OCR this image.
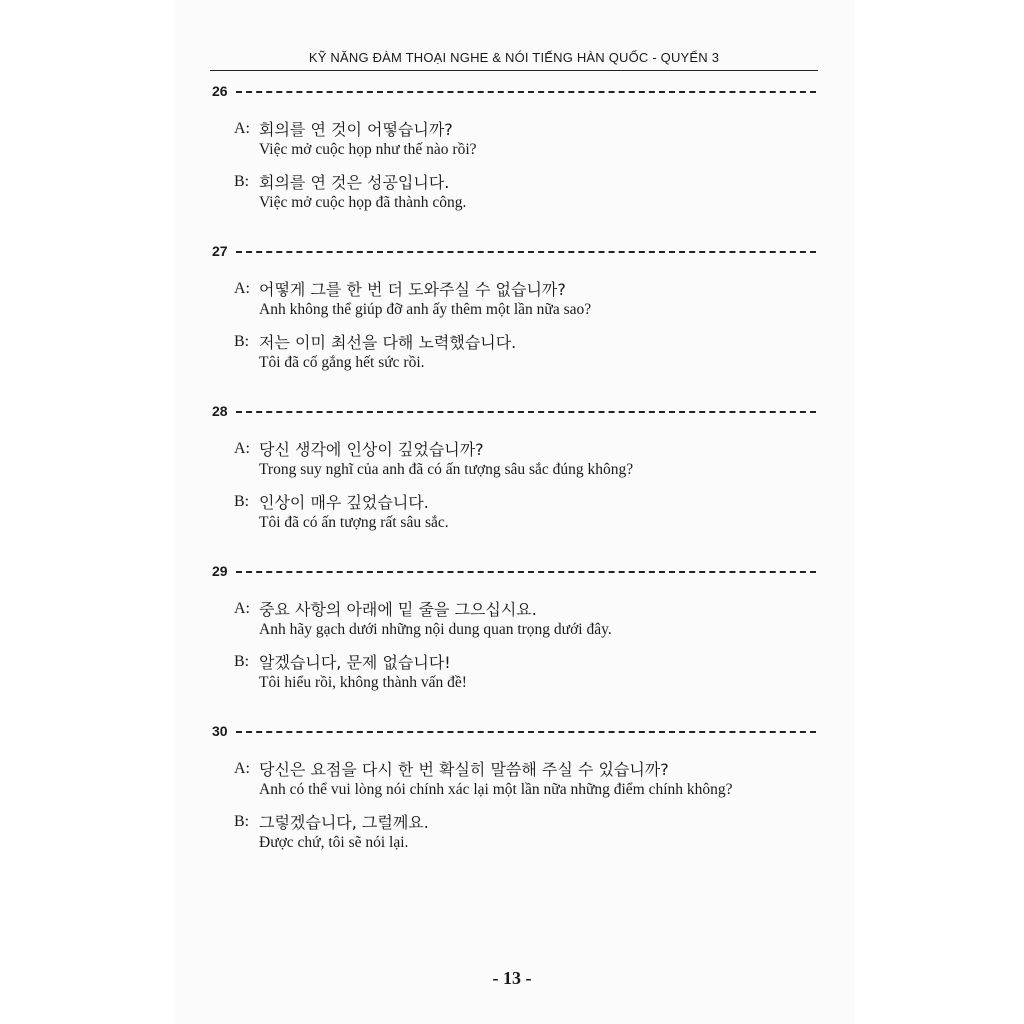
KỸ NĂNG ĐÀM THOẠI NGHE & NÓI TIẾNG HÀN QUỐC - QUYỂN 3
26
A: 회의를 연 것이 어떻습니까?
Việc mở cuộc họp như thế nào rồi?
B: 회의를 연 것은 성공입니다.
Việc mở cuộc họp đã thành công.
27
A: 어떻게 그를 한 번 더 도와주실 수 없습니까?
Anh không thể giúp đỡ anh ấy thêm một lần nữa sao?
B: 저는 이미 최선을 다해 노력했습니다.
Tôi đã cố gắng hết sức rồi.
28
A: 당신 생각에 인상이 깊었습니까?
Trong suy nghĩ của anh đã có ấn tượng sâu sắc đúng không?
B: 인상이 매우 깊었습니다.
Tôi đã có ấn tượng rất sâu sắc.
29
A: 중요 사항의 아래에 밑 줄을 그으십시요.
Anh hãy gạch dưới những nội dung quan trọng dưới đây.
B: 알겠습니다, 문제 없습니다!
Tôi hiểu rồi, không thành vấn đề!
30
A: 당신은 요점을 다시 한 번 확실히 말씀해 주실 수 있습니까?
Anh có thể vui lòng nói chính xác lại một lần nữa những điểm chính không?
B: 그렇겠습니다, 그럴께요.
Được chứ, tôi sẽ nói lại.
- 13 -
